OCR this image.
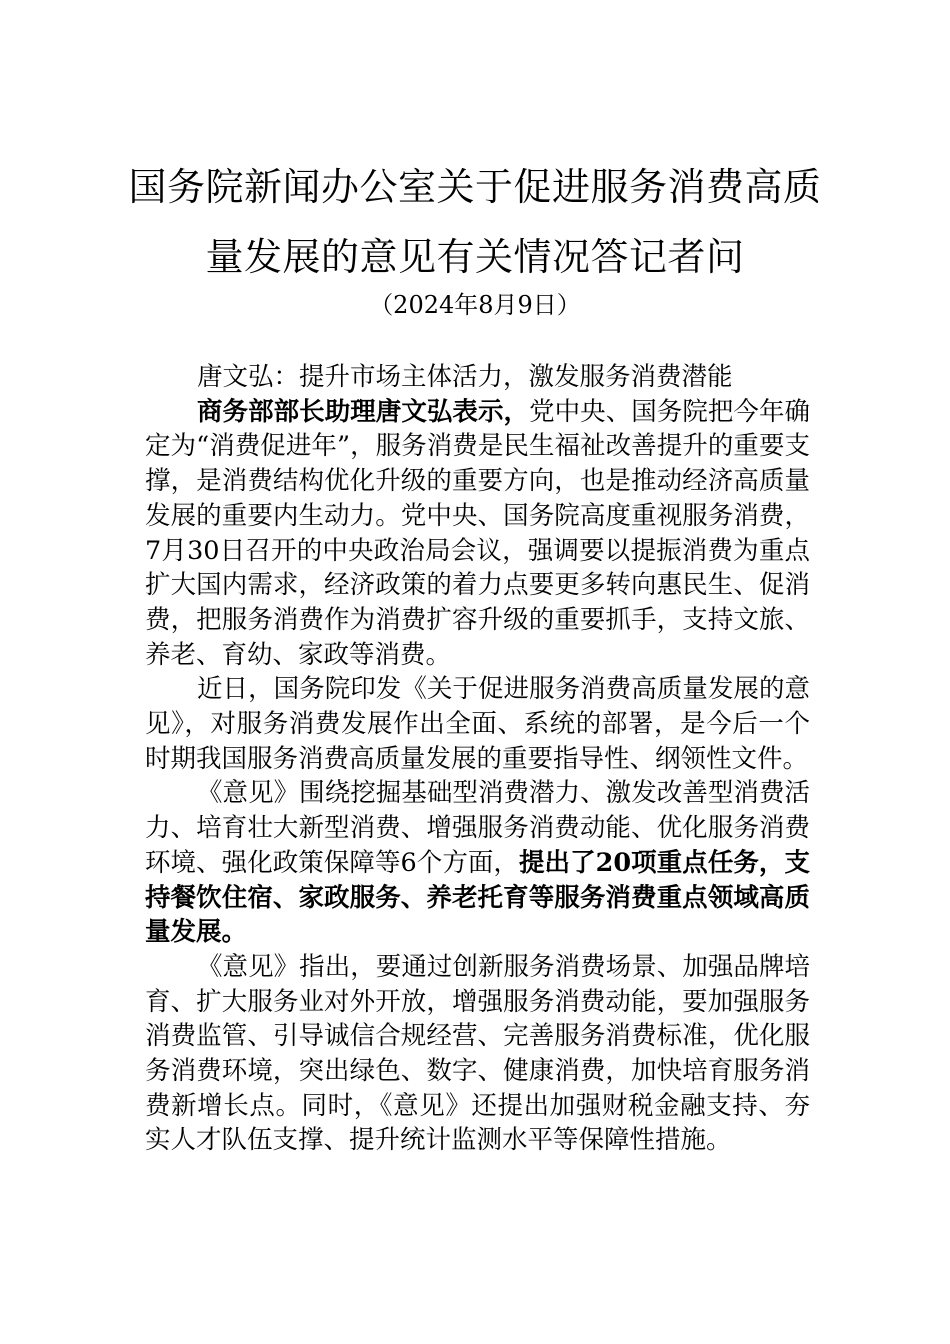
国务院新闻办公室关于促进服务消费高质
量发展的意见有关情况答记者问
（2024年8月9日）

唐文弘：提升市场主体活力，激发服务消费潜能

商务部部长助理唐文弘表示，党中央、国务院把今年确定为“消费促进年”，服务消费是民生福祉改善提升的重要支撑，是消费结构优化升级的重要方向，也是推动经济高质量发展的重要内生动力。党中央、国务院高度重视服务消费，7月30日召开的中央政治局会议，强调要以提振消费为重点扩大国内需求，经济政策的着力点要更多转向惠民生、促消费，把服务消费作为消费扩容升级的重要抓手，支持文旅、养老、育幼、家政等消费。

近日，国务院印发《关于促进服务消费高质量发展的意见》，对服务消费发展作出全面、系统的部署，是今后一个时期我国服务消费高质量发展的重要指导性、纲领性文件。

《意见》围绕挖掘基础型消费潜力、激发改善型消费活力、培育壮大新型消费、增强服务消费动能、优化服务消费环境、强化政策保障等6个方面，提出了20项重点任务，支持餐饮住宿、家政服务、养老托育等服务消费重点领域高质量发展。

《意见》指出，要通过创新服务消费场景、加强品牌培育、扩大服务业对外开放，增强服务消费动能，要加强服务消费监管、引导诚信合规经营、完善服务消费标准，优化服务消费环境，突出绿色、数字、健康消费，加快培育服务消费新增长点。同时，《意见》还提出加强财税金融支持、夯实人才队伍支撑、提升统计监测水平等保障性措施。
